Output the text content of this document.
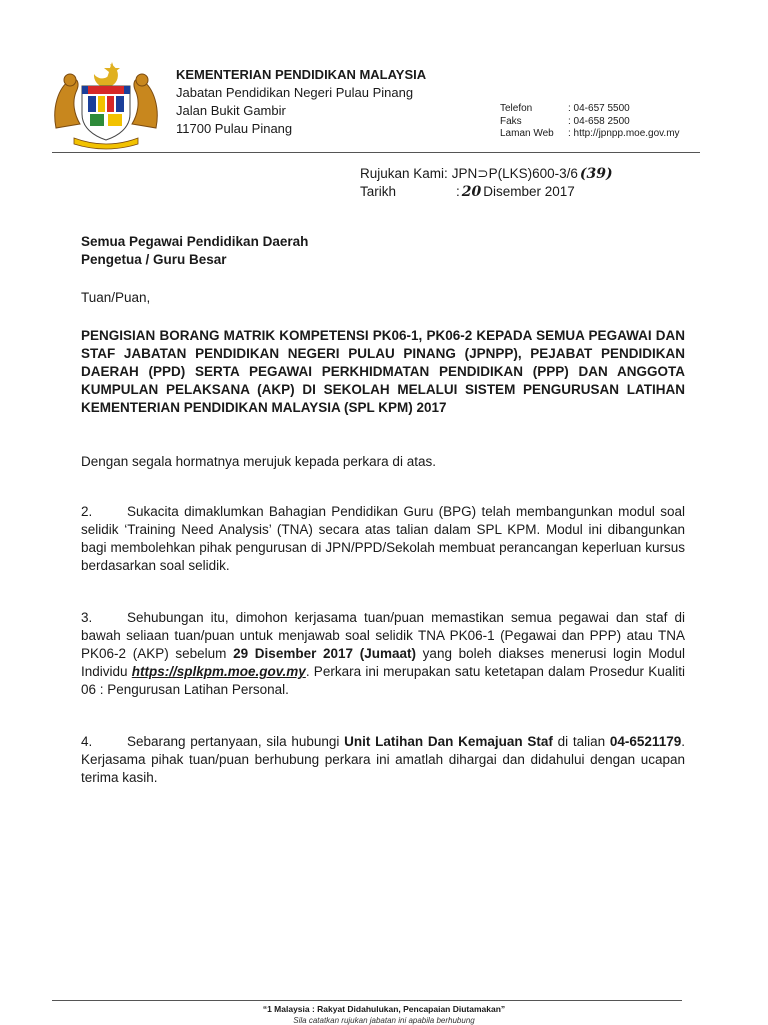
KEMENTERIAN PENDIDIKAN MALAYSIA
Jabatan Pendidikan Negeri Pulau Pinang
Jalan Bukit Gambir
11700 Pulau Pinang
Telefon	: 04-657 5500
Faks	: 04-658 2500
Laman Web	: http://jpnpp.moe.gov.my
Rujukan Kami: JPN⊃P(LKS)600-3/6 (39)
Tarikh	: 20 Disember 2017

Semua Pegawai Pendidikan Daerah
Pengetua / Guru Besar

Tuan/Puan,

PENGISIAN BORANG MATRIK KOMPETENSI PK06-1, PK06-2 KEPADA SEMUA PEGAWAI DAN STAF JABATAN PENDIDIKAN NEGERI PULAU PINANG (JPNPP), PEJABAT PENDIDIKAN DAERAH (PPD) SERTA PEGAWAI PERKHIDMATAN PENDIDIKAN (PPP) DAN ANGGOTA KUMPULAN PELAKSANA (AKP) DI SEKOLAH MELALUI SISTEM PENGURUSAN LATIHAN KEMENTERIAN PENDIDIKAN MALAYSIA (SPL KPM) 2017

Dengan segala hormatnya merujuk kepada perkara di atas.

2.	Sukacita dimaklumkan Bahagian Pendidikan Guru (BPG) telah membangunkan modul soal selidik ‘Training Need Analysis’ (TNA) secara atas talian dalam SPL KPM. Modul ini dibangunkan bagi membolehkan pihak pengurusan di JPN/PPD/Sekolah membuat perancangan keperluan kursus berdasarkan soal selidik.

3.	Sehubungan itu, dimohon kerjasama tuan/puan memastikan semua pegawai dan staf di bawah seliaan tuan/puan untuk menjawab soal selidik TNA PK06-1 (Pegawai dan PPP) atau TNA PK06-2 (AKP) sebelum 29 Disember 2017 (Jumaat) yang boleh diakses menerusi login Modul Individu https://splkpm.moe.gov.my. Perkara ini merupakan satu ketetapan dalam Prosedur Kualiti 06 : Pengurusan Latihan Personal.

4.	Sebarang pertanyaan, sila hubungi Unit Latihan Dan Kemajuan Staf di talian 04-6521179. Kerjasama pihak tuan/puan berhubung perkara ini amatlah dihargai dan didahului dengan ucapan terima kasih.

“1 Malaysia : Rakyat Didahulukan, Pencapaian Diutamakan”
Sila catatkan rujukan jabatan ini apabila berhubung
